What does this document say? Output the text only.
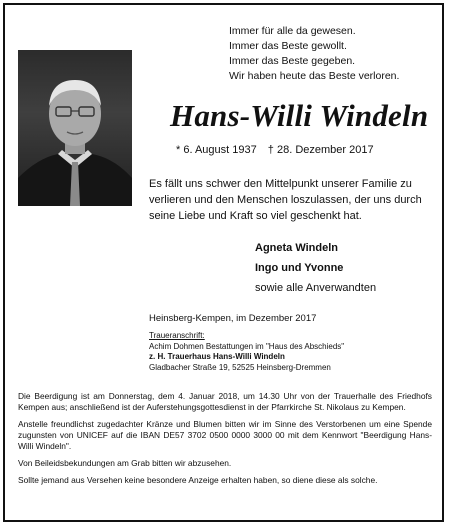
Immer für alle da gewesen.
Immer das Beste gewollt.
Immer das Beste gegeben.
Wir haben heute das Beste verloren.
Hans-Willi Windeln
* 6. August 1937 † 28. Dezember 2017
Es fällt uns schwer den Mittelpunkt unserer Familie zu verlieren und den Menschen loszulassen, der uns durch seine Liebe und Kraft so viel geschenkt hat.
Agneta Windeln
Ingo und Yvonne
sowie alle Anverwandten
Heinsberg-Kempen, im Dezember 2017
Traueranschrift:
Achim Dohmen Bestattungen im "Haus des Abschieds"
z. H. Trauerhaus Hans-Willi Windeln
Gladbacher Straße 19, 52525 Heinsberg-Dremmen

Die Beerdigung ist am Donnerstag, dem 4. Januar 2018, um 14.30 Uhr von der Trauerhalle des Friedhofs Kempen aus; anschließend ist der Auferstehungsgottesdienst in der Pfarrkirche St. Nikolaus zu Kempen.

Anstelle freundlichst zugedachter Kränze und Blumen bitten wir im Sinne des Verstorbenen um eine Spende zugunsten von UNICEF auf die IBAN DE57 3702 0500 0000 3000 00 mit dem Kennwort "Beerdigung Hans-Willi Windeln".

Von Beileidsbekundungen am Grab bitten wir abzusehen.

Sollte jemand aus Versehen keine besondere Anzeige erhalten haben, so diene diese als solche.
